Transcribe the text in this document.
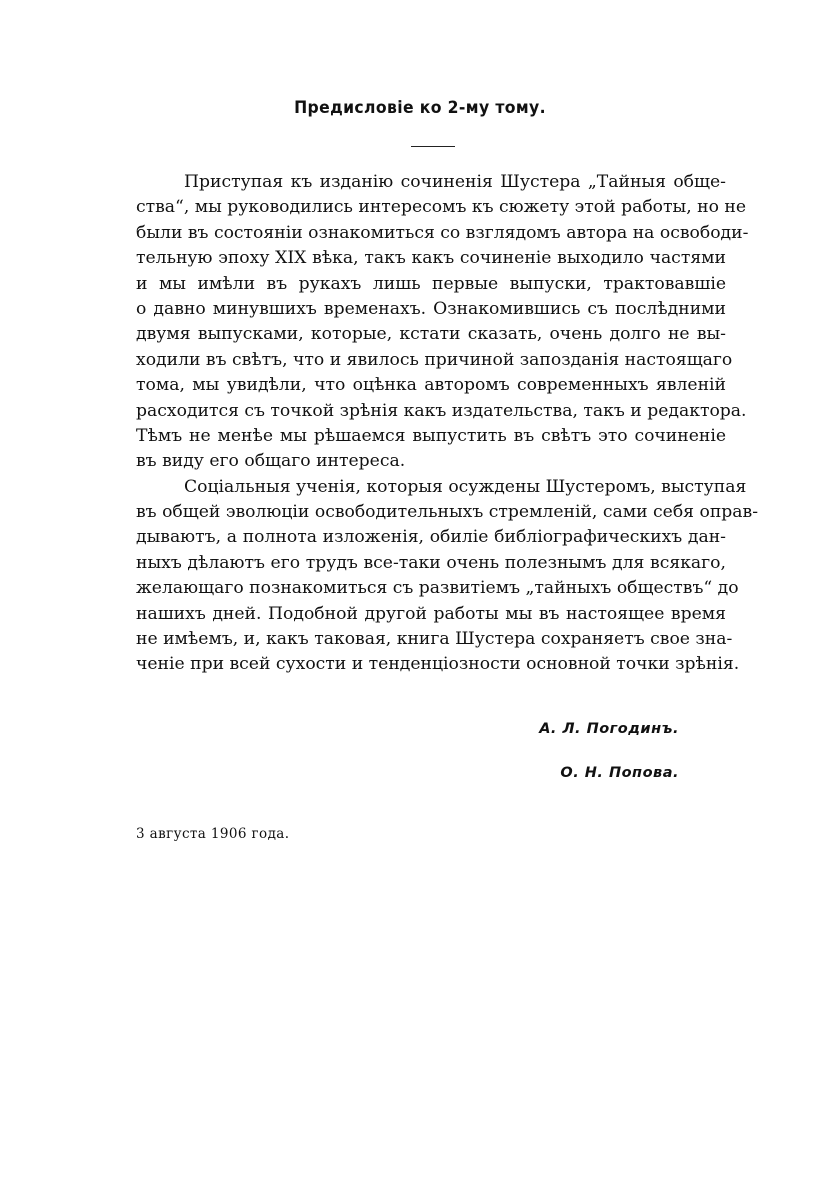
Предисловіе ко 2-му тому.
Приступая къ изданію сочиненія Шустера „Тайныя обще-
ства“, мы руководились интересомъ къ сюжету этой работы, но не
были въ состояніи ознакомиться со взглядомъ автора на освободи-
тельную эпоху XIX вѣка, такъ какъ сочиненіе выходило частями
и мы имѣли въ рукахъ лишь первые выпуски, трактовавшіе
о давно минувшихъ временахъ. Ознакомившись съ послѣдними
двумя выпусками, которые, кстати сказать, очень долго не вы-
ходили въ свѣтъ, что и явилось причиной запозданія настоящаго
тома, мы увидѣли, что оцѣнка авторомъ современныхъ явленій
расходится съ точкой зрѣнія какъ издательства, такъ и редактора.
Тѣмъ не менѣе мы рѣшаемся выпустить въ свѣтъ это сочиненіе
въ виду его общаго интереса.
Соціальныя ученія, которыя осуждены Шустеромъ, выступая
въ общей эволюціи освободительныхъ стремленій, сами себя оправ-
дываютъ, а полнота изложенія, обиліе библіографическихъ дан-
ныхъ дѣлаютъ его трудъ все-таки очень полезнымъ для всякаго,
желающаго познакомиться съ развитіемъ „тайныхъ обществъ“ до
нашихъ дней. Подобной другой работы мы въ настоящее время
не имѣемъ, и, какъ таковая, книга Шустера сохраняетъ свое зна-
ченіе при всей сухости и тенденціозности основной точки зрѣнія.
А. Л. Погодинъ.
О. Н. Попова.
3 августа 1906 года.
